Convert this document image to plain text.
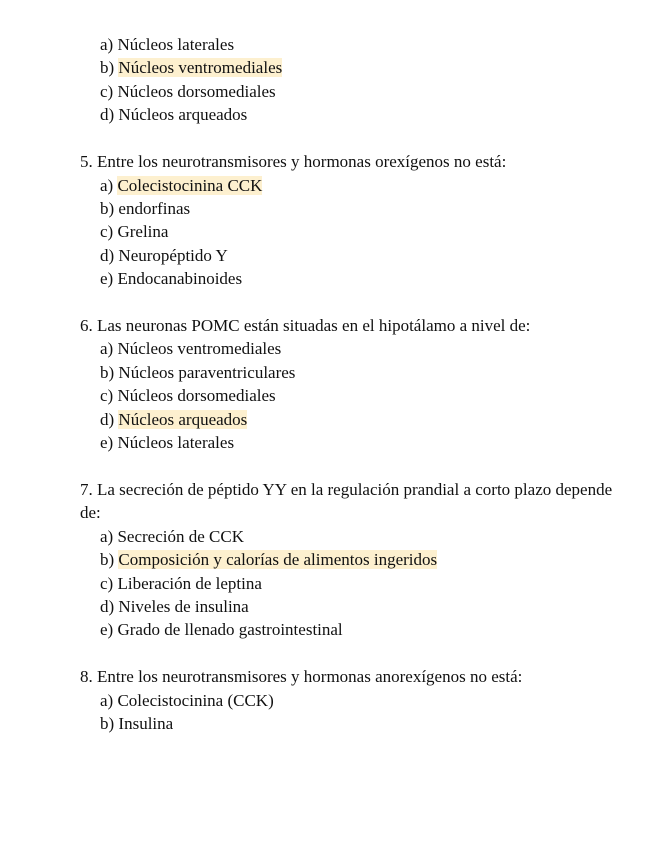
a) Núcleos laterales
b) Núcleos ventromediales
c) Núcleos dorsomediales
d) Núcleos arqueados

5. Entre los neurotransmisores y hormonas orexígenos no está:

a) Colecistocinina CCK
b) endorfinas
c) Grelina
d) Neuropéptido Y
e) Endocanabinoides

6. Las neuronas POMC están situadas en el hipotálamo a nivel de:

a) Núcleos ventromediales
b) Núcleos paraventriculares
c) Núcleos dorsomediales
d) Núcleos arqueados
e) Núcleos laterales

7. La secreción de péptido YY en la regulación prandial a corto plazo depende de:

a) Secreción de CCK
b) Composición y calorías de alimentos ingeridos
c) Liberación de leptina
d) Niveles de insulina
e) Grado de llenado gastrointestinal

8. Entre los neurotransmisores y hormonas anorexígenos no está:

a) Colecistocinina (CCK)
b) Insulina
